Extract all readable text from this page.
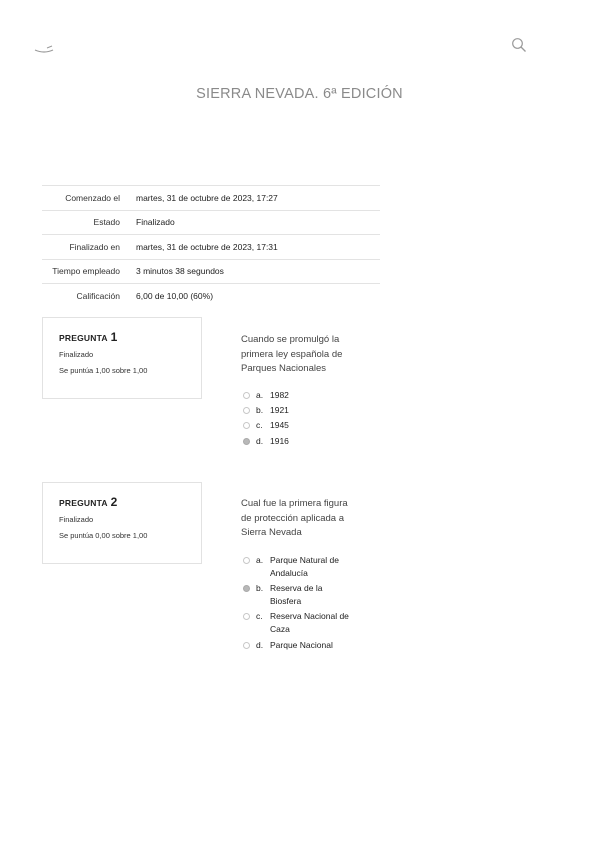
SIERRA NEVADA. 6ª EDICIÓN
Comenzado el	martes, 31 de octubre de 2023, 17:27
Estado	Finalizado
Finalizado en	martes, 31 de octubre de 2023, 17:31
Tiempo empleado	3 minutos 38 segundos
Calificación	6,00 de 10,00 (60%)
PREGUNTA 1
Finalizado
Se puntúa 1,00 sobre 1,00
Cuando se promulgó la primera ley española de Parques Nacionales
a. 1982
b. 1921
c. 1945
d. 1916
PREGUNTA 2
Finalizado
Se puntúa 0,00 sobre 1,00
Cual fue la primera figura de protección aplicada a Sierra Nevada
a. Parque Natural de Andalucía
b. Reserva de la Biosfera
c. Reserva Nacional de Caza
d. Parque Nacional
